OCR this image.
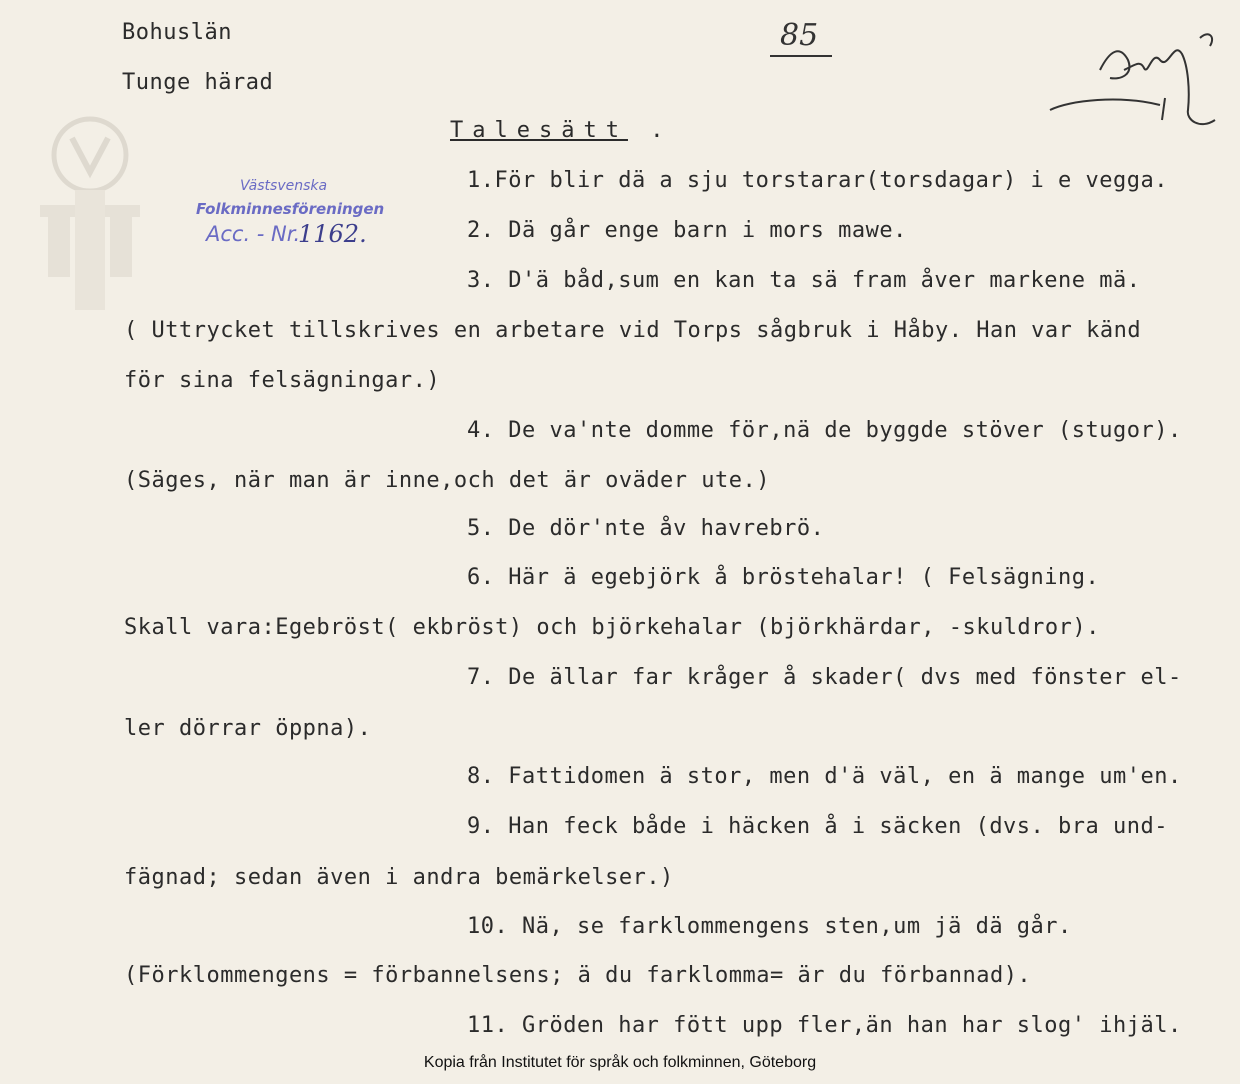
Bohuslän
Tunge härad
85
Talesätt .
Västsvenska
Folkminnesföreningen
Acc. - Nr.
1162.
1.För blir dä a sju torstarar(torsdagar) i e vegga.
2. Dä går enge barn i mors mawe.
3. D'ä båd,sum en kan ta sä fram åver markene mä.
( Uttrycket tillskrives en arbetare vid Torps sågbruk i Håby. Han var känd
för sina felsägningar.)
4. De va'nte domme för,nä de byggde stöver (stugor).
(Säges, när man är inne,och det är oväder ute.)
5. De dör'nte åv havrebrö.
6. Här ä egebjörk å bröstehalar! ( Felsägning.
Skall vara:Egebröst( ekbröst) och björkehalar (björkhärdar, -skuldror).
7. De ällar far kråger å skader( dvs med fönster el-
ler dörrar öppna).
8. Fattidomen ä stor, men d'ä väl, en ä mange um'en.
9. Han feck både i häcken å i säcken (dvs. bra und-
fägnad; sedan även i andra bemärkelser.)
10. Nä, se farklommengens sten,um jä dä går.
(Förklommengens = förbannelsens; ä du farklomma= är du förbannad).
11. Gröden har fött upp fler,än han har slog' ihjäl.
Kopia från Institutet för språk och folkminnen, Göteborg
